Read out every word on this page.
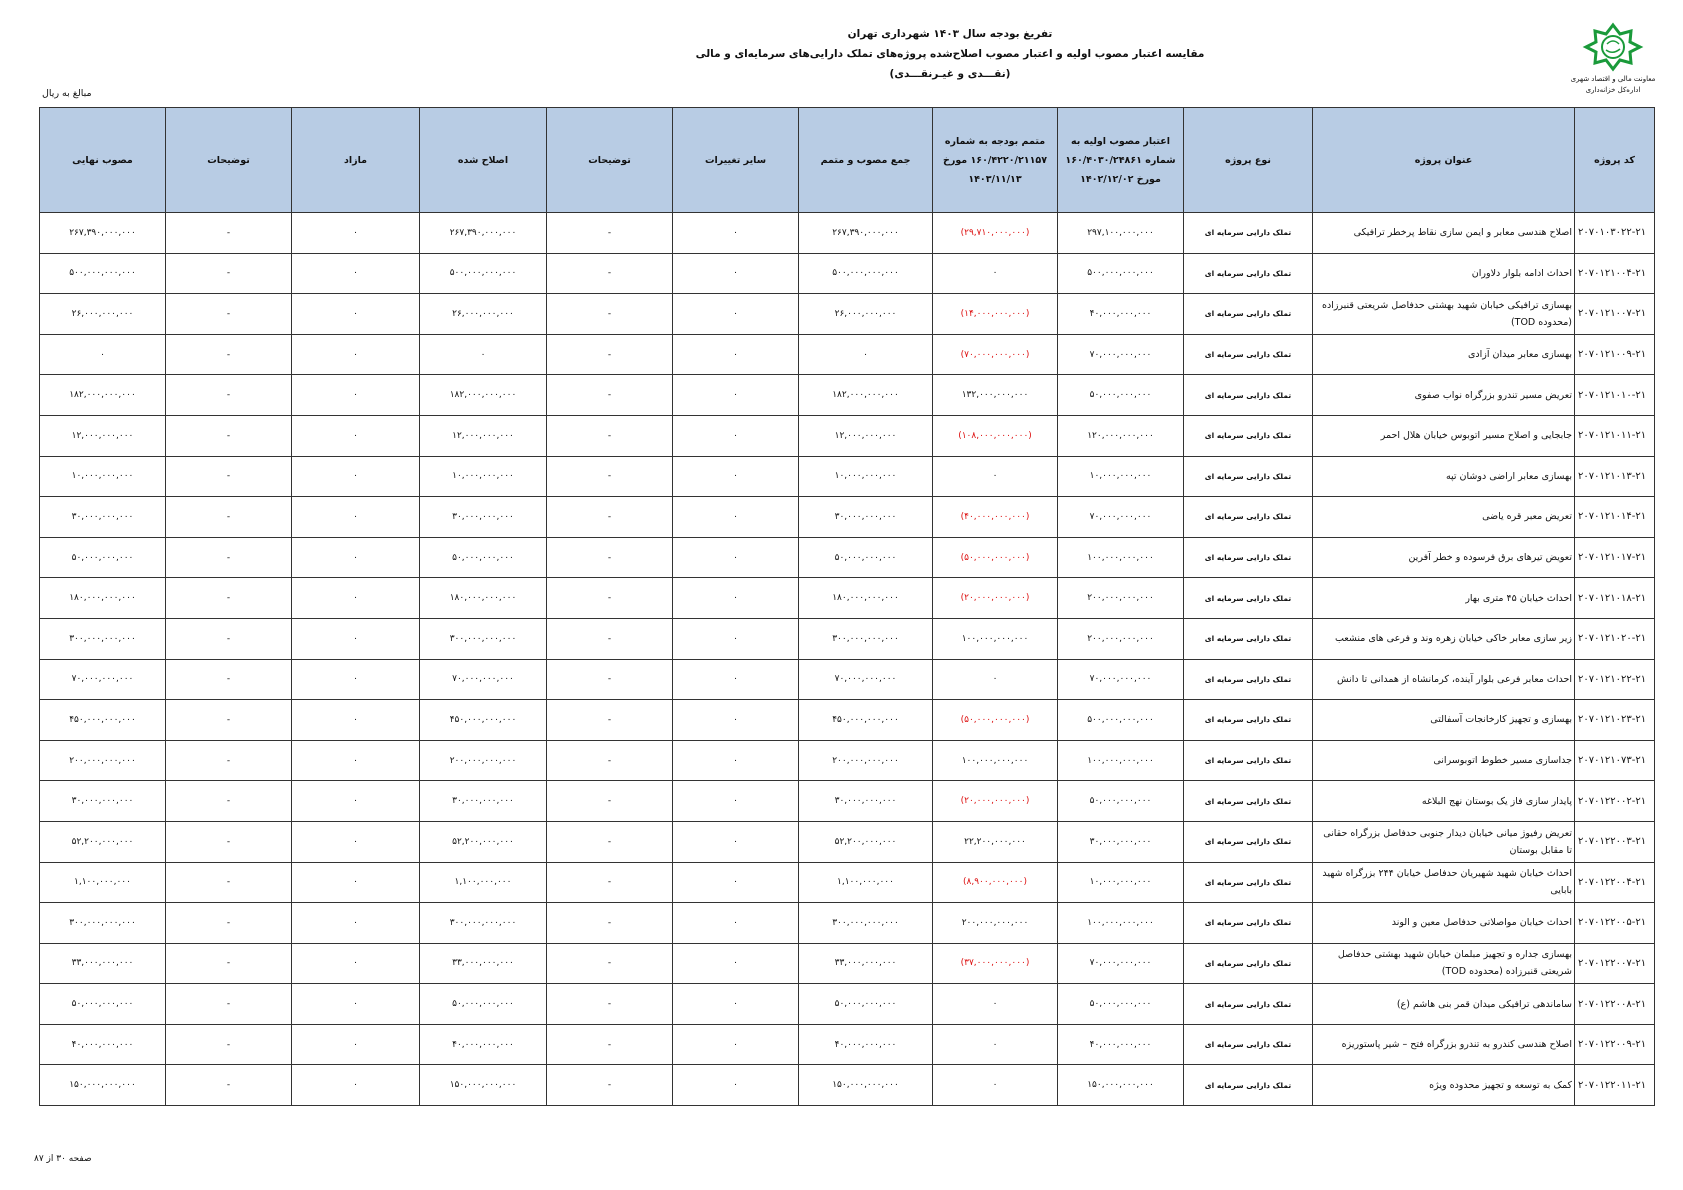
تفریغ بودجه سال ۱۴۰۳ شهرداری تهران
مقایسه اعتبار مصوب اولیه و اعتبار مصوب اصلاح‌شده پروژه‌های تملک دارایی‌های سرمایه‌ای و مالی
(نقـــدی و غیـرنقـــدی)	معاونت مالی و اقتصاد شهری
اداره‌کل خزانه‌داری
مبالغ به ریال
کد پروژه	عنوان پروژه	نوع پروژه	اعتبار مصوب اولیه به شماره ۱۶۰/۴۰۳۰/۲۴۸۶۱ مورخ ۱۴۰۲/۱۲/۰۲	متمم بودجه به شماره ۱۶۰/۴۲۲۰/۲۱۱۵۷ مورخ ۱۴۰۳/۱۱/۱۳	جمع مصوب و متمم	سایر تغییرات	توضیحات	اصلاح شده	مازاد	توضیحات	مصوب نهایی
۲۰۷۰۱۰۳۰۲۲-۲۱	اصلاح هندسی معابر و ایمن سازی نقاط پرخطر ترافیکی	تملک دارایی سرمایه ای	۲۹۷,۱۰۰,۰۰۰,۰۰۰	(۲۹,۷۱۰,۰۰۰,۰۰۰)	۲۶۷,۳۹۰,۰۰۰,۰۰۰	۰	-	۲۶۷,۳۹۰,۰۰۰,۰۰۰	۰	-	۲۶۷,۳۹۰,۰۰۰,۰۰۰
۲۰۷۰۱۲۱۰۰۴-۲۱	احداث ادامه بلوار دلاوران	تملک دارایی سرمایه ای	۵۰۰,۰۰۰,۰۰۰,۰۰۰	۰	۵۰۰,۰۰۰,۰۰۰,۰۰۰	۰	-	۵۰۰,۰۰۰,۰۰۰,۰۰۰	۰	-	۵۰۰,۰۰۰,۰۰۰,۰۰۰
۲۰۷۰۱۲۱۰۰۷-۲۱	بهسازی ترافیکی خیابان شهید بهشتی حدفاصل شریعتی قنبرزاده (محدوده TOD)	تملک دارایی سرمایه ای	۴۰,۰۰۰,۰۰۰,۰۰۰	(۱۴,۰۰۰,۰۰۰,۰۰۰)	۲۶,۰۰۰,۰۰۰,۰۰۰	۰	-	۲۶,۰۰۰,۰۰۰,۰۰۰	۰	-	۲۶,۰۰۰,۰۰۰,۰۰۰
۲۰۷۰۱۲۱۰۰۹-۲۱	بهسازی معابر میدان آزادی	تملک دارایی سرمایه ای	۷۰,۰۰۰,۰۰۰,۰۰۰	(۷۰,۰۰۰,۰۰۰,۰۰۰)	۰	۰	-	۰	۰	-	۰
۲۰۷۰۱۲۱۰۱۰-۲۱	تعریض مسیر تندرو بزرگراه نواب صفوی	تملک دارایی سرمایه ای	۵۰,۰۰۰,۰۰۰,۰۰۰	۱۳۲,۰۰۰,۰۰۰,۰۰۰	۱۸۲,۰۰۰,۰۰۰,۰۰۰	۰	-	۱۸۲,۰۰۰,۰۰۰,۰۰۰	۰	-	۱۸۲,۰۰۰,۰۰۰,۰۰۰
۲۰۷۰۱۲۱۰۱۱-۲۱	جابجایی و اصلاح مسیر اتوبوس خیابان هلال احمر	تملک دارایی سرمایه ای	۱۲۰,۰۰۰,۰۰۰,۰۰۰	(۱۰۸,۰۰۰,۰۰۰,۰۰۰)	۱۲,۰۰۰,۰۰۰,۰۰۰	۰	-	۱۲,۰۰۰,۰۰۰,۰۰۰	۰	-	۱۲,۰۰۰,۰۰۰,۰۰۰
۲۰۷۰۱۲۱۰۱۳-۲۱	بهسازی معابر اراضی دوشان تپه	تملک دارایی سرمایه ای	۱۰,۰۰۰,۰۰۰,۰۰۰	۰	۱۰,۰۰۰,۰۰۰,۰۰۰	۰	-	۱۰,۰۰۰,۰۰۰,۰۰۰	۰	-	۱۰,۰۰۰,۰۰۰,۰۰۰
۲۰۷۰۱۲۱۰۱۴-۲۱	تعریض معبر قره یاضی	تملک دارایی سرمایه ای	۷۰,۰۰۰,۰۰۰,۰۰۰	(۴۰,۰۰۰,۰۰۰,۰۰۰)	۳۰,۰۰۰,۰۰۰,۰۰۰	۰	-	۳۰,۰۰۰,۰۰۰,۰۰۰	۰	-	۳۰,۰۰۰,۰۰۰,۰۰۰
۲۰۷۰۱۲۱۰۱۷-۲۱	تعویض تیرهای برق فرسوده و خطر آفرین	تملک دارایی سرمایه ای	۱۰۰,۰۰۰,۰۰۰,۰۰۰	(۵۰,۰۰۰,۰۰۰,۰۰۰)	۵۰,۰۰۰,۰۰۰,۰۰۰	۰	-	۵۰,۰۰۰,۰۰۰,۰۰۰	۰	-	۵۰,۰۰۰,۰۰۰,۰۰۰
۲۰۷۰۱۲۱۰۱۸-۲۱	احداث خیابان ۴۵ متری بهار	تملک دارایی سرمایه ای	۲۰۰,۰۰۰,۰۰۰,۰۰۰	(۲۰,۰۰۰,۰۰۰,۰۰۰)	۱۸۰,۰۰۰,۰۰۰,۰۰۰	۰	-	۱۸۰,۰۰۰,۰۰۰,۰۰۰	۰	-	۱۸۰,۰۰۰,۰۰۰,۰۰۰
۲۰۷۰۱۲۱۰۲۰-۲۱	زیر سازی معابر خاکی خیابان زهره وند و فرعی های منشعب	تملک دارایی سرمایه ای	۲۰۰,۰۰۰,۰۰۰,۰۰۰	۱۰۰,۰۰۰,۰۰۰,۰۰۰	۳۰۰,۰۰۰,۰۰۰,۰۰۰	۰	-	۳۰۰,۰۰۰,۰۰۰,۰۰۰	۰	-	۳۰۰,۰۰۰,۰۰۰,۰۰۰
۲۰۷۰۱۲۱۰۲۲-۲۱	احداث معابر فرعی بلوار آینده، کرمانشاه از همدانی تا دانش	تملک دارایی سرمایه ای	۷۰,۰۰۰,۰۰۰,۰۰۰	۰	۷۰,۰۰۰,۰۰۰,۰۰۰	۰	-	۷۰,۰۰۰,۰۰۰,۰۰۰	۰	-	۷۰,۰۰۰,۰۰۰,۰۰۰
۲۰۷۰۱۲۱۰۲۳-۲۱	بهسازی و تجهیز کارخانجات آسفالتی	تملک دارایی سرمایه ای	۵۰۰,۰۰۰,۰۰۰,۰۰۰	(۵۰,۰۰۰,۰۰۰,۰۰۰)	۴۵۰,۰۰۰,۰۰۰,۰۰۰	۰	-	۴۵۰,۰۰۰,۰۰۰,۰۰۰	۰	-	۴۵۰,۰۰۰,۰۰۰,۰۰۰
۲۰۷۰۱۲۱۰۷۳-۲۱	جداسازی مسیر خطوط اتوبوسرانی	تملک دارایی سرمایه ای	۱۰۰,۰۰۰,۰۰۰,۰۰۰	۱۰۰,۰۰۰,۰۰۰,۰۰۰	۲۰۰,۰۰۰,۰۰۰,۰۰۰	۰	-	۲۰۰,۰۰۰,۰۰۰,۰۰۰	۰	-	۲۰۰,۰۰۰,۰۰۰,۰۰۰
۲۰۷۰۱۲۲۰۰۲-۲۱	پایدار سازی فاز یک بوستان نهج البلاغه	تملک دارایی سرمایه ای	۵۰,۰۰۰,۰۰۰,۰۰۰	(۲۰,۰۰۰,۰۰۰,۰۰۰)	۳۰,۰۰۰,۰۰۰,۰۰۰	۰	-	۳۰,۰۰۰,۰۰۰,۰۰۰	۰	-	۳۰,۰۰۰,۰۰۰,۰۰۰
۲۰۷۰۱۲۲۰۰۳-۲۱	تعریض رفیوژ میانی خیابان دیدار جنوبی حدفاصل بزرگراه حقانی تا مقابل بوستان	تملک دارایی سرمایه ای	۳۰,۰۰۰,۰۰۰,۰۰۰	۲۲,۲۰۰,۰۰۰,۰۰۰	۵۲,۲۰۰,۰۰۰,۰۰۰	۰	-	۵۲,۲۰۰,۰۰۰,۰۰۰	۰	-	۵۲,۲۰۰,۰۰۰,۰۰۰
۲۰۷۰۱۲۲۰۰۴-۲۱	احداث خیابان شهید شهیریان حدفاصل خیابان ۲۴۴ بزرگراه شهید بابایی	تملک دارایی سرمایه ای	۱۰,۰۰۰,۰۰۰,۰۰۰	(۸,۹۰۰,۰۰۰,۰۰۰)	۱,۱۰۰,۰۰۰,۰۰۰	۰	-	۱,۱۰۰,۰۰۰,۰۰۰	۰	-	۱,۱۰۰,۰۰۰,۰۰۰
۲۰۷۰۱۲۲۰۰۵-۲۱	احداث خیابان مواصلاتی حدفاصل معین و الوند	تملک دارایی سرمایه ای	۱۰۰,۰۰۰,۰۰۰,۰۰۰	۲۰۰,۰۰۰,۰۰۰,۰۰۰	۳۰۰,۰۰۰,۰۰۰,۰۰۰	۰	-	۳۰۰,۰۰۰,۰۰۰,۰۰۰	۰	-	۳۰۰,۰۰۰,۰۰۰,۰۰۰
۲۰۷۰۱۲۲۰۰۷-۲۱	بهسازی جداره و تجهیز مبلمان خیابان شهید بهشتی حدفاصل شریعتی قنبرزاده (محدوده TOD)	تملک دارایی سرمایه ای	۷۰,۰۰۰,۰۰۰,۰۰۰	(۳۷,۰۰۰,۰۰۰,۰۰۰)	۳۳,۰۰۰,۰۰۰,۰۰۰	۰	-	۳۳,۰۰۰,۰۰۰,۰۰۰	۰	-	۳۳,۰۰۰,۰۰۰,۰۰۰
۲۰۷۰۱۲۲۰۰۸-۲۱	ساماندهی ترافیکی میدان قمر بنی هاشم (ع)	تملک دارایی سرمایه ای	۵۰,۰۰۰,۰۰۰,۰۰۰	۰	۵۰,۰۰۰,۰۰۰,۰۰۰	۰	-	۵۰,۰۰۰,۰۰۰,۰۰۰	۰	-	۵۰,۰۰۰,۰۰۰,۰۰۰
۲۰۷۰۱۲۲۰۰۹-۲۱	اصلاح هندسی کندرو به تندرو بزرگراه فتح – شیر پاستوریزه	تملک دارایی سرمایه ای	۴۰,۰۰۰,۰۰۰,۰۰۰	۰	۴۰,۰۰۰,۰۰۰,۰۰۰	۰	-	۴۰,۰۰۰,۰۰۰,۰۰۰	۰	-	۴۰,۰۰۰,۰۰۰,۰۰۰
۲۰۷۰۱۲۲۰۱۱-۲۱	کمک به توسعه و تجهیز محدوده ویژه	تملک دارایی سرمایه ای	۱۵۰,۰۰۰,۰۰۰,۰۰۰	۰	۱۵۰,۰۰۰,۰۰۰,۰۰۰	۰	-	۱۵۰,۰۰۰,۰۰۰,۰۰۰	۰	-	۱۵۰,۰۰۰,۰۰۰,۰۰۰
صفحه ۳۰ از ۸۷
